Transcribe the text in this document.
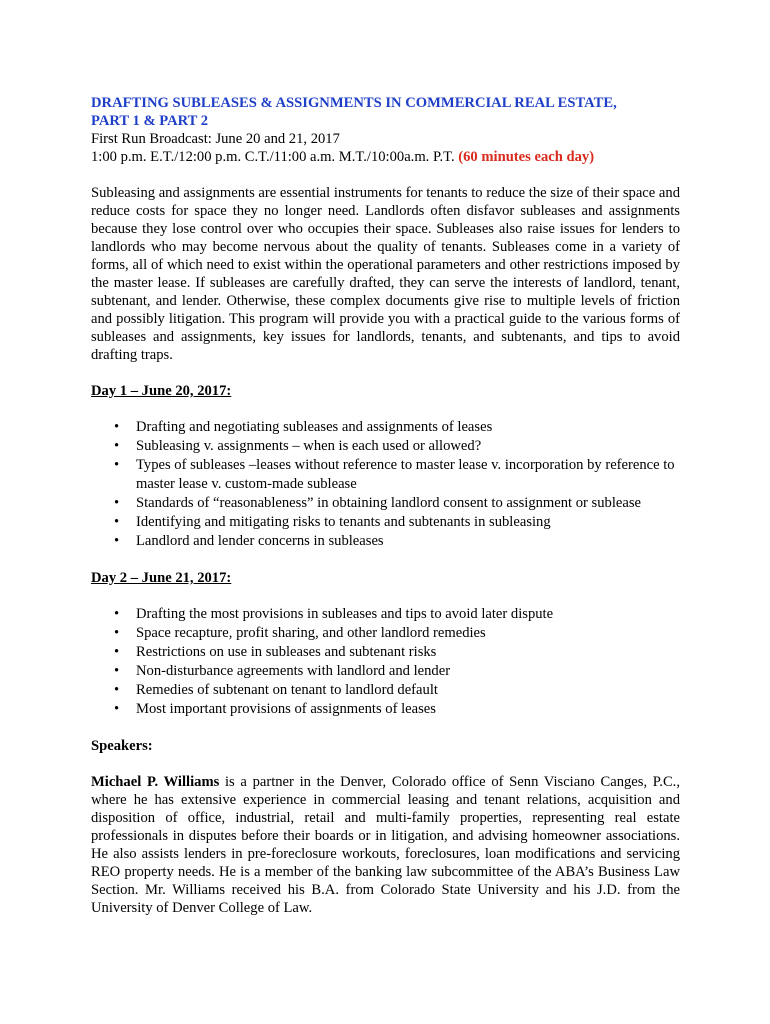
DRAFTING SUBLEASES & ASSIGNMENTS IN COMMERCIAL REAL ESTATE,
PART 1 & PART 2

First Run Broadcast: June 20 and 21, 2017

1:00 p.m. E.T./12:00 p.m. C.T./11:00 a.m. M.T./10:00a.m. P.T. (60 minutes each day)

Subleasing and assignments are essential instruments for tenants to reduce the size of their space and reduce costs for space they no longer need. Landlords often disfavor subleases and assignments because they lose control over who occupies their space. Subleases also raise issues for lenders to landlords who may become nervous about the quality of tenants. Subleases come in a variety of forms, all of which need to exist within the operational parameters and other restrictions imposed by the master lease. If subleases are carefully drafted, they can serve the interests of landlord, tenant, subtenant, and lender. Otherwise, these complex documents give rise to multiple levels of friction and possibly litigation. This program will provide you with a practical guide to the various forms of subleases and assignments, key issues for landlords, tenants, and subtenants, and tips to avoid drafting traps.

Day 1 – June 20, 2017:
• Drafting and negotiating subleases and assignments of leases
• Subleasing v. assignments – when is each used or allowed?
• Types of subleases –leases without reference to master lease v. incorporation by reference to master lease v. custom-made sublease
• Standards of “reasonableness” in obtaining landlord consent to assignment or sublease
• Identifying and mitigating risks to tenants and subtenants in subleasing
• Landlord and lender concerns in subleases
Day 2 – June 21, 2017:
• Drafting the most provisions in subleases and tips to avoid later dispute
• Space recapture, profit sharing, and other landlord remedies
• Restrictions on use in subleases and subtenant risks
• Non-disturbance agreements with landlord and lender
• Remedies of subtenant on tenant to landlord default
• Most important provisions of assignments of leases
Speakers:

Michael P. Williams is a partner in the Denver, Colorado office of Senn Visciano Canges, P.C., where he has extensive experience in commercial leasing and tenant relations, acquisition and disposition of office, industrial, retail and multi-family properties, representing real estate professionals in disputes before their boards or in litigation, and advising homeowner associations. He also assists lenders in pre-foreclosure workouts, foreclosures, loan modifications and servicing REO property needs. He is a member of the banking law subcommittee of the ABA’s Business Law Section. Mr. Williams received his B.A. from Colorado State University and his J.D. from the University of Denver College of Law.
